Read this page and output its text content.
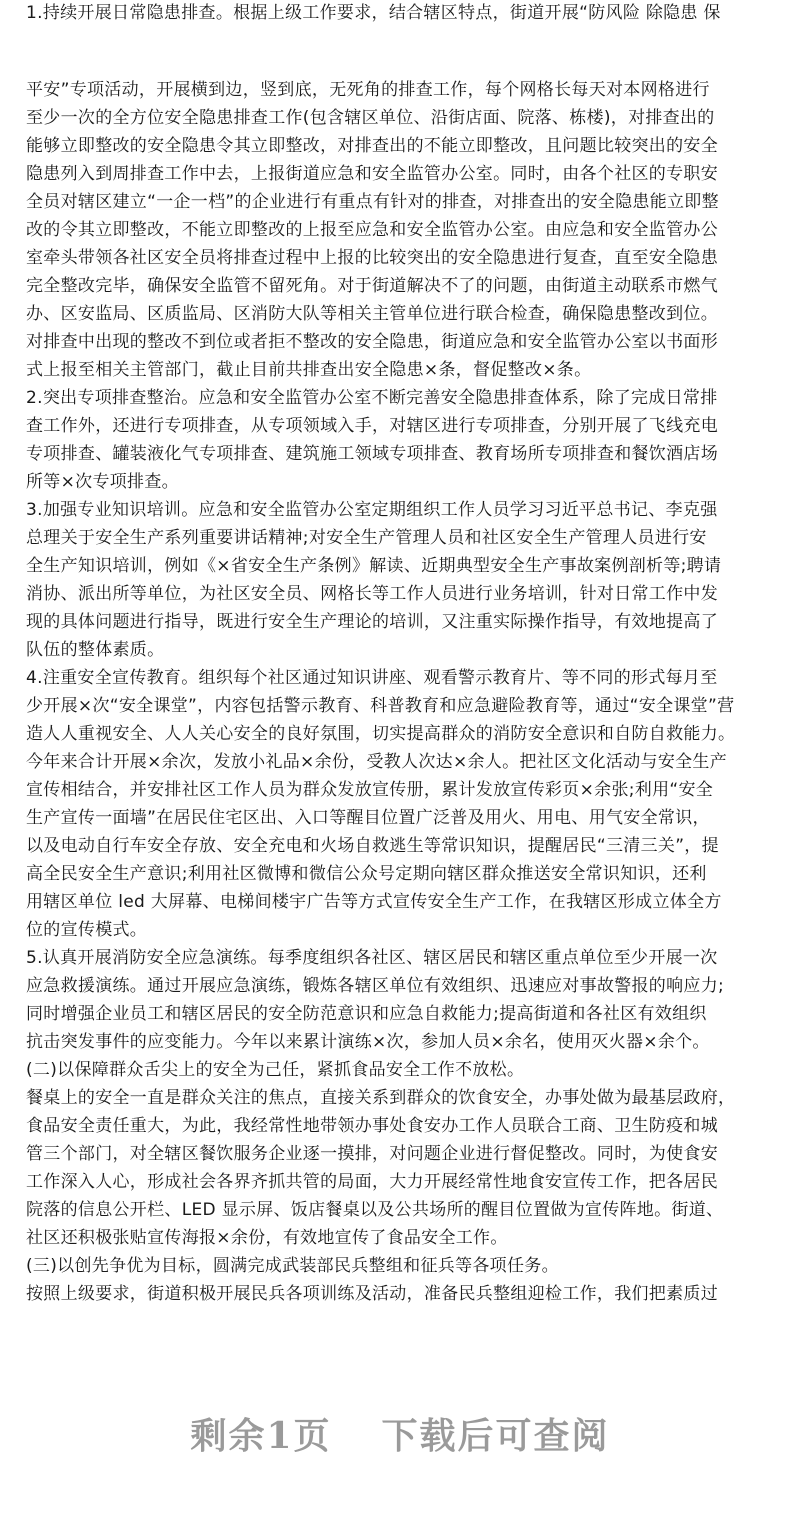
1.持续开展日常隐患排查。根据上级工作要求，结合辖区特点，街道开展“防风险 除隐患 保
平安”专项活动，开展横到边，竖到底，无死角的排查工作，每个网格长每天对本网格进行
至少一次的全方位安全隐患排查工作(包含辖区单位、沿街店面、院落、栋楼)，对排查出的
能够立即整改的安全隐患令其立即整改，对排查出的不能立即整改，且问题比较突出的安全
隐患列入到周排查工作中去，上报街道应急和安全监管办公室。同时，由各个社区的专职安
全员对辖区建立“一企一档”的企业进行有重点有针对的排查，对排查出的安全隐患能立即整
改的令其立即整改，不能立即整改的上报至应急和安全监管办公室。由应急和安全监管办公
室牵头带领各社区安全员将排查过程中上报的比较突出的安全隐患进行复查，直至安全隐患
完全整改完毕，确保安全监管不留死角。对于街道解决不了的问题，由街道主动联系市燃气
办、区安监局、区质监局、区消防大队等相关主管单位进行联合检查，确保隐患整改到位。
对排查中出现的整改不到位或者拒不整改的安全隐患，街道应急和安全监管办公室以书面形
式上报至相关主管部门，截止目前共排查出安全隐患×条，督促整改×条。
2.突出专项排查整治。应急和安全监管办公室不断完善安全隐患排查体系，除了完成日常排
查工作外，还进行专项排查，从专项领域入手，对辖区进行专项排查，分别开展了飞线充电
专项排查、罐装液化气专项排查、建筑施工领域专项排查、教育场所专项排查和餐饮酒店场
所等×次专项排查。
3.加强专业知识培训。应急和安全监管办公室定期组织工作人员学习习近平总书记、李克强
总理关于安全生产系列重要讲话精神;对安全生产管理人员和社区安全生产管理人员进行安
全生产知识培训，例如《×省安全生产条例》解读、近期典型安全生产事故案例剖析等;聘请
消协、派出所等单位，为社区安全员、网格长等工作人员进行业务培训，针对日常工作中发
现的具体问题进行指导，既进行安全生产理论的培训，又注重实际操作指导，有效地提高了
队伍的整体素质。
4.注重安全宣传教育。组织每个社区通过知识讲座、观看警示教育片、等不同的形式每月至
少开展×次“安全课堂”，内容包括警示教育、科普教育和应急避险教育等，通过“安全课堂”营
造人人重视安全、人人关心安全的良好氛围，切实提高群众的消防安全意识和自防自救能力。
今年来合计开展×余次，发放小礼品×余份，受教人次达×余人。把社区文化活动与安全生产
宣传相结合，并安排社区工作人员为群众发放宣传册，累计发放宣传彩页×余张;利用“安全
生产宣传一面墙”在居民住宅区出、入口等醒目位置广泛普及用火、用电、用气安全常识，
以及电动自行车安全存放、安全充电和火场自救逃生等常识知识，提醒居民“三清三关”，提
高全民安全生产意识;利用社区微博和微信公众号定期向辖区群众推送安全常识知识，还利
用辖区单位 led 大屏幕、电梯间楼宇广告等方式宣传安全生产工作，在我辖区形成立体全方
位的宣传模式。
5.认真开展消防安全应急演练。每季度组织各社区、辖区居民和辖区重点单位至少开展一次
应急救援演练。通过开展应急演练，锻炼各辖区单位有效组织、迅速应对事故警报的响应力;
同时增强企业员工和辖区居民的安全防范意识和应急自救能力;提高街道和各社区有效组织
抗击突发事件的应变能力。今年以来累计演练×次，参加人员×余名，使用灭火器×余个。
(二)以保障群众舌尖上的安全为己任，紧抓食品安全工作不放松。
餐桌上的安全一直是群众关注的焦点，直接关系到群众的饮食安全，办事处做为最基层政府，
食品安全责任重大，为此，我经常性地带领办事处食安办工作人员联合工商、卫生防疫和城
管三个部门，对全辖区餐饮服务企业逐一摸排，对问题企业进行督促整改。同时，为使食安
工作深入人心，形成社会各界齐抓共管的局面，大力开展经常性地食安宣传工作，把各居民
院落的信息公开栏、LED 显示屏、饭店餐桌以及公共场所的醒目位置做为宣传阵地。街道、
社区还积极张贴宣传海报×余份，有效地宣传了食品安全工作。
(三)以创先争优为目标，圆满完成武装部民兵整组和征兵等各项任务。
按照上级要求，街道积极开展民兵各项训练及活动，准备民兵整组迎检工作，我们把素质过
剩余1页 下载后可查阅
